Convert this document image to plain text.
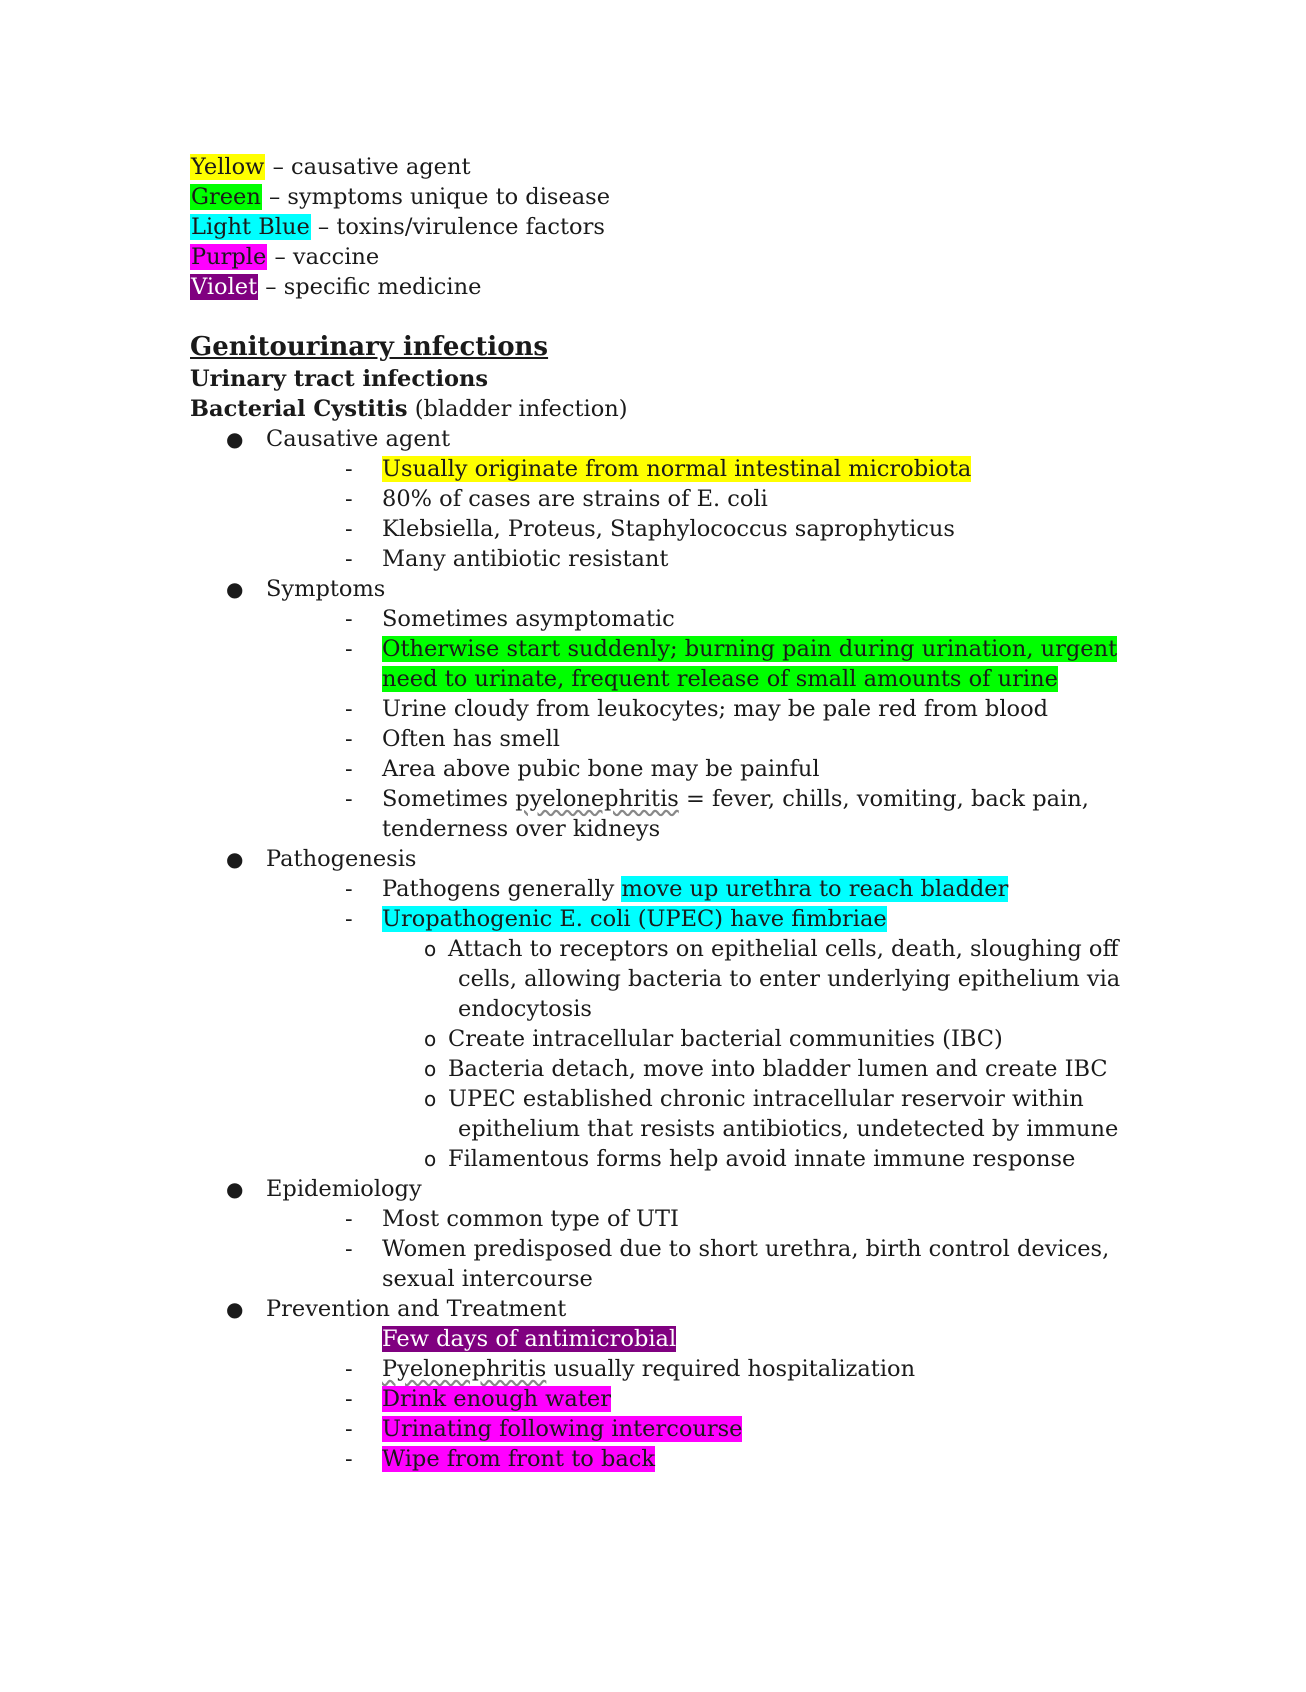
Yellow – causative agent
Green – symptoms unique to disease
Light Blue – toxins/virulence factors
Purple – vaccine
Violet – specific medicine
Genitourinary infections
Urinary tract infections
Bacterial Cystitis (bladder infection)
● Causative agent
- Usually originate from normal intestinal microbiota
- 80% of cases are strains of E. coli
- Klebsiella, Proteus, Staphylococcus saprophyticus
- Many antibiotic resistant
● Symptoms
- Sometimes asymptomatic
- Otherwise start suddenly; burning pain during urination, urgent
need to urinate, frequent release of small amounts of urine
- Urine cloudy from leukocytes; may be pale red from blood
- Often has smell
- Area above pubic bone may be painful
- Sometimes pyelonephritis = fever, chills, vomiting, back pain,
tenderness over kidneys
● Pathogenesis
- Pathogens generally move up urethra to reach bladder
- Uropathogenic E. coli (UPEC) have fimbriae
o Attach to receptors on epithelial cells, death, sloughing off
cells, allowing bacteria to enter underlying epithelium via
endocytosis
o Create intracellular bacterial communities (IBC)
o Bacteria detach, move into bladder lumen and create IBC
o UPEC established chronic intracellular reservoir within
epithelium that resists antibiotics, undetected by immune
o Filamentous forms help avoid innate immune response
● Epidemiology
- Most common type of UTI
- Women predisposed due to short urethra, birth control devices,
sexual intercourse
● Prevention and Treatment
Few days of antimicrobial
- Pyelonephritis usually required hospitalization
- Drink enough water
- Urinating following intercourse
- Wipe from front to back
